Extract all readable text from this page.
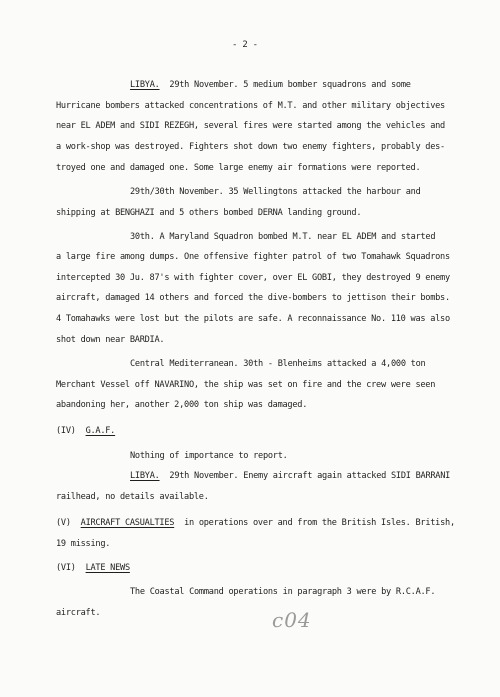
- 2 -
LIBYA. 29th November. 5 medium bomber squadrons and some
Hurricane bombers attacked concentrations of M.T. and other military objectives
near EL ADEM and SIDI REZEGH, several fires were started among the vehicles and
a work-shop was destroyed. Fighters shot down two enemy fighters, probably des-
troyed one and damaged one. Some large enemy air formations were reported.
29th/30th November. 35 Wellingtons attacked the harbour and
shipping at BENGHAZI and 5 others bombed DERNA landing ground.
30th. A Maryland Squadron bombed M.T. near EL ADEM and started
a large fire among dumps. One offensive fighter patrol of two Tomahawk Squadrons
intercepted 30 Ju. 87's with fighter cover, over EL GOBI, they destroyed 9 enemy
aircraft, damaged 14 others and forced the dive-bombers to jettison their bombs.
4 Tomahawks were lost but the pilots are safe. A reconnaissance No. 110 was also
shot down near BARDIA.
Central Mediterranean. 30th - Blenheims attacked a 4,000 ton
Merchant Vessel off NAVARINO, the ship was set on fire and the crew were seen
abandoning her, another 2,000 ton ship was damaged.
(IV) G.A.F.
Nothing of importance to report.
LIBYA. 29th November. Enemy aircraft again attacked SIDI BARRANI
railhead, no details available.
(V) AIRCRAFT CASUALTIES in operations over and from the British Isles. British,
19 missing.
(VI) LATE NEWS
The Coastal Command operations in paragraph 3 were by R.C.A.F.
aircraft.	c04
